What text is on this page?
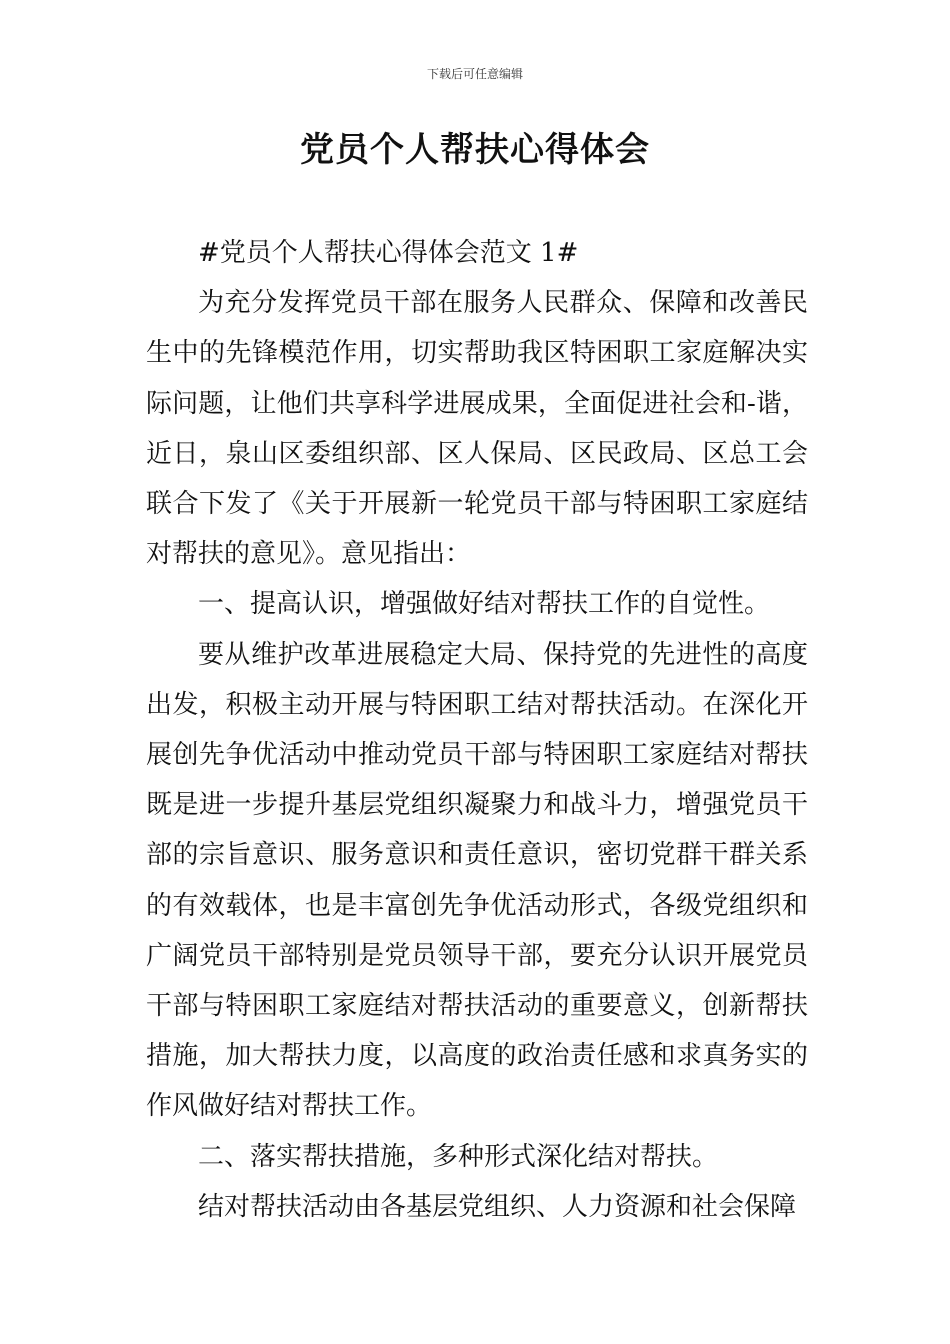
下载后可任意编辑
党员个人帮扶心得体会

#党员个人帮扶心得体会范文 1#

为充分发挥党员干部在服务人民群众、保障和改善民生中的先锋模范作用，切实帮助我区特困职工家庭解决实际问题，让他们共享科学进展成果，全面促进社会和-谐，近日，泉山区委组织部、区人保局、区民政局、区总工会联合下发了《关于开展新一轮党员干部与特困职工家庭结对帮扶的意见》。意见指出：

一、提高认识，增强做好结对帮扶工作的自觉性。

要从维护改革进展稳定大局、保持党的先进性的高度出发，积极主动开展与特困职工结对帮扶活动。在深化开展创先争优活动中推动党员干部与特困职工家庭结对帮扶既是进一步提升基层党组织凝聚力和战斗力，增强党员干部的宗旨意识、服务意识和责任意识，密切党群干群关系的有效载体，也是丰富创先争优活动形式，各级党组织和广阔党员干部特别是党员领导干部，要充分认识开展党员干部与特困职工家庭结对帮扶活动的重要意义，创新帮扶措施，加大帮扶力度，以高度的政治责任感和求真务实的作风做好结对帮扶工作。

二、落实帮扶措施，多种形式深化结对帮扶。

结对帮扶活动由各基层党组织、人力资源和社会保障
